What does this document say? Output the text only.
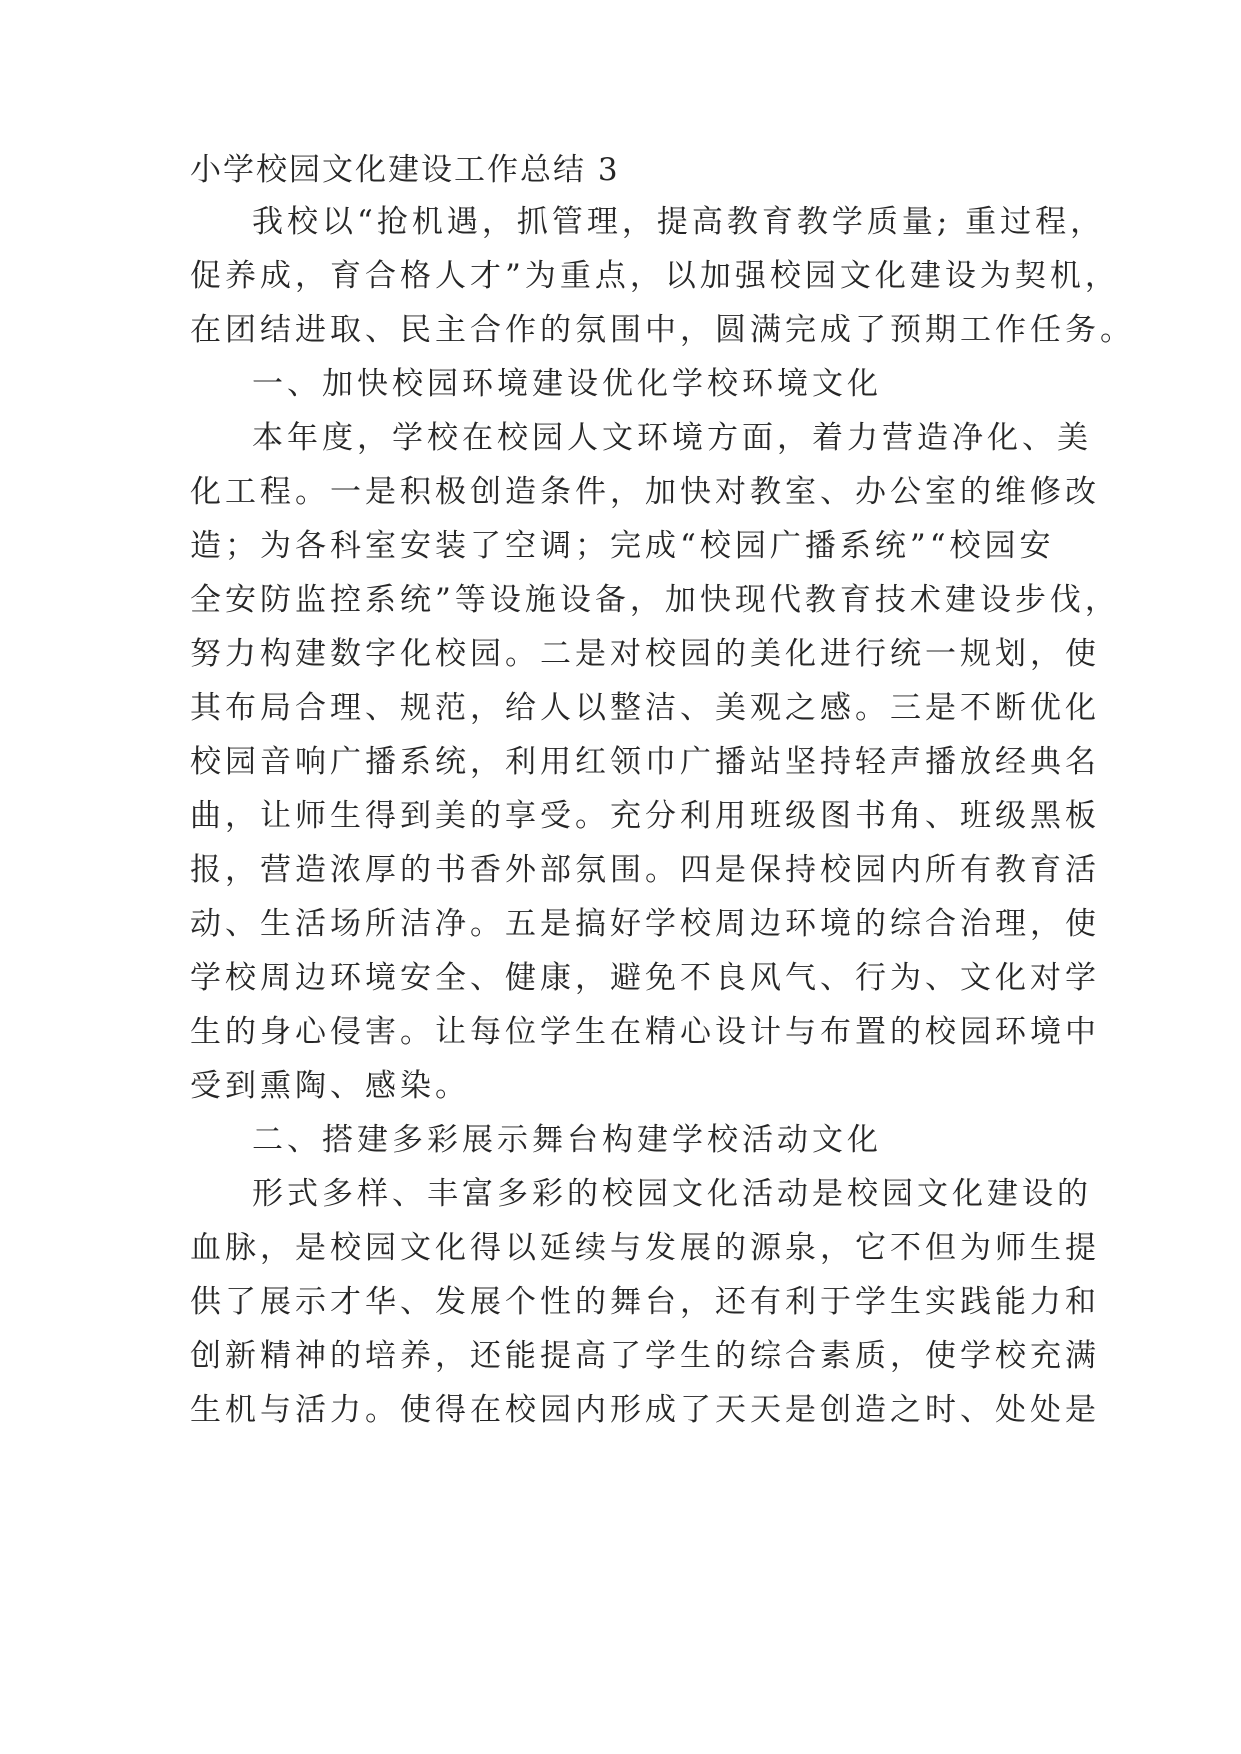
小学校园文化建设工作总结 3
我校以“抢机遇，抓管理，提高教育教学质量; 重过程，
促养成，育合格人才”为重点，以加强校园文化建设为契机，
在团结进取、民主合作的氛围中，圆满完成了预期工作任务。
一、加快校园环境建设优化学校环境文化
本年度，学校在校园人文环境方面，着力营造净化、美
化工程。一是积极创造条件，加快对教室、办公室的维修改
造；为各科室安装了空调；完成“校园广播系统”“校园安
全安防监控系统”等设施设备，加快现代教育技术建设步伐，
努力构建数字化校园。二是对校园的美化进行统一规划，使
其布局合理、规范，给人以整洁、美观之感。三是不断优化
校园音响广播系统，利用红领巾广播站坚持轻声播放经典名
曲，让师生得到美的享受。充分利用班级图书角、班级黑板
报，营造浓厚的书香外部氛围。四是保持校园内所有教育活
动、生活场所洁净。五是搞好学校周边环境的综合治理，使
学校周边环境安全、健康，避免不良风气、行为、文化对学
生的身心侵害。让每位学生在精心设计与布置的校园环境中
受到熏陶、感染。
二、搭建多彩展示舞台构建学校活动文化
形式多样、丰富多彩的校园文化活动是校园文化建设的
血脉，是校园文化得以延续与发展的源泉，它不但为师生提
供了展示才华、发展个性的舞台，还有利于学生实践能力和
创新精神的培养，还能提高了学生的综合素质，使学校充满
生机与活力。使得在校园内形成了天天是创造之时、处处是
